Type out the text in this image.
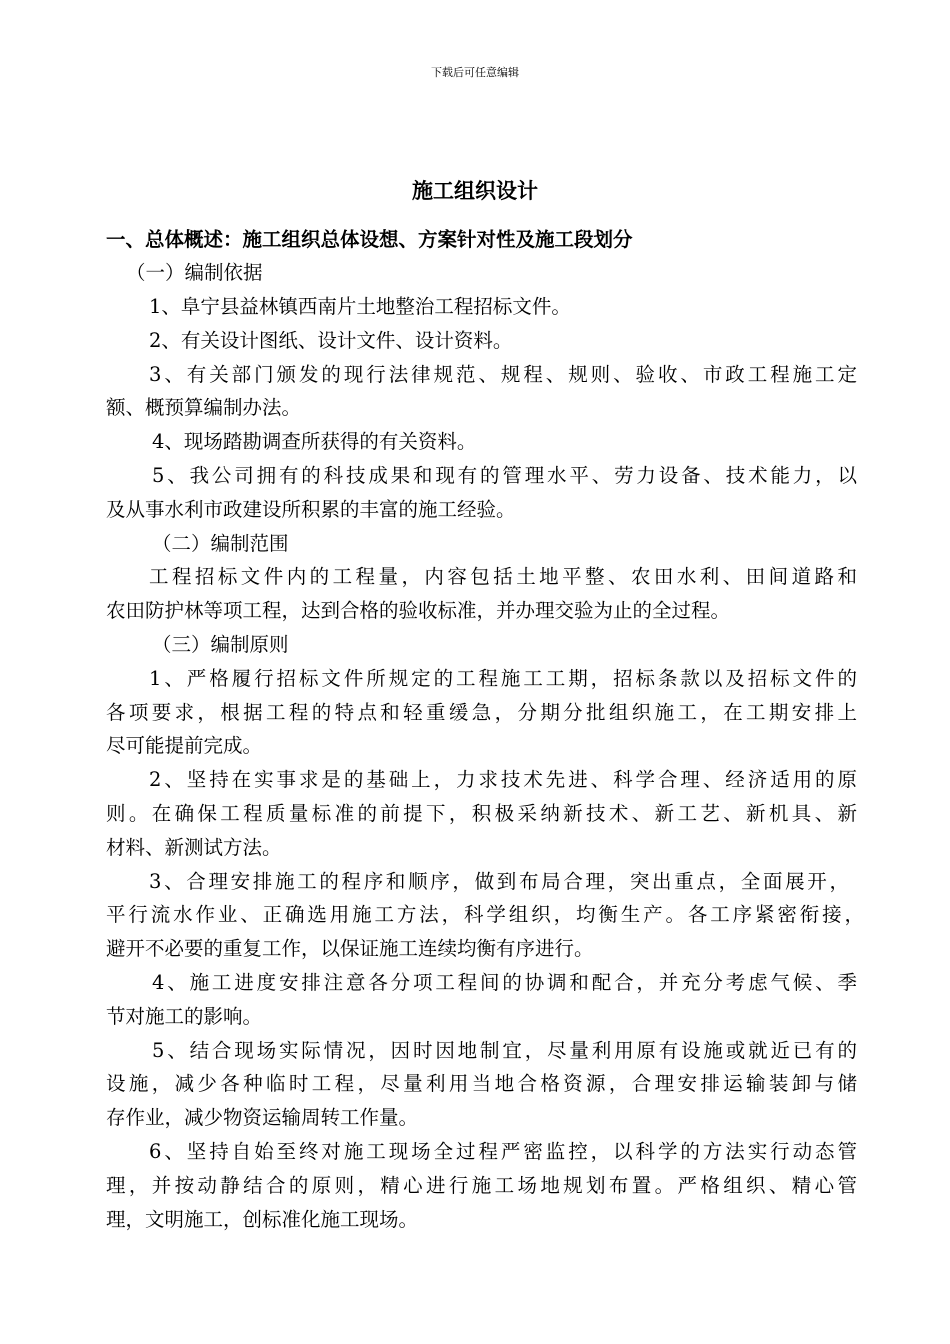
下载后可任意编辑
施工组织设计
一、总体概述：施工组织总体设想、方案针对性及施工段划分
（一）编制依据
1、阜宁县益林镇西南片土地整治工程招标文件。
2、有关设计图纸、设计文件、设计资料。
3、有关部门颁发的现行法律规范、规程、规则、验收、市政工程施工定
额、概预算编制办法。
4、现场踏勘调查所获得的有关资料。
5、我公司拥有的科技成果和现有的管理水平、劳力设备、技术能力，以
及从事水利市政建设所积累的丰富的施工经验。
（二）编制范围
工程招标文件内的工程量，内容包括土地平整、农田水利、田间道路和
农田防护林等项工程，达到合格的验收标准，并办理交验为止的全过程。
（三）编制原则
1、严格履行招标文件所规定的工程施工工期，招标条款以及招标文件的
各项要求，根据工程的特点和轻重缓急，分期分批组织施工，在工期安排上
尽可能提前完成。
2、坚持在实事求是的基础上，力求技术先进、科学合理、经济适用的原
则。在确保工程质量标准的前提下，积极采纳新技术、新工艺、新机具、新
材料、新测试方法。
3、合理安排施工的程序和顺序，做到布局合理，突出重点，全面展开，
平行流水作业、正确选用施工方法，科学组织，均衡生产。各工序紧密衔接，
避开不必要的重复工作，以保证施工连续均衡有序进行。
4、施工进度安排注意各分项工程间的协调和配合，并充分考虑气候、季
节对施工的影响。
5、结合现场实际情况，因时因地制宜，尽量利用原有设施或就近已有的
设施，减少各种临时工程，尽量利用当地合格资源，合理安排运输装卸与储
存作业，减少物资运输周转工作量。
6、坚持自始至终对施工现场全过程严密监控，以科学的方法实行动态管
理，并按动静结合的原则，精心进行施工场地规划布置。严格组织、精心管
理，文明施工，创标准化施工现场。
